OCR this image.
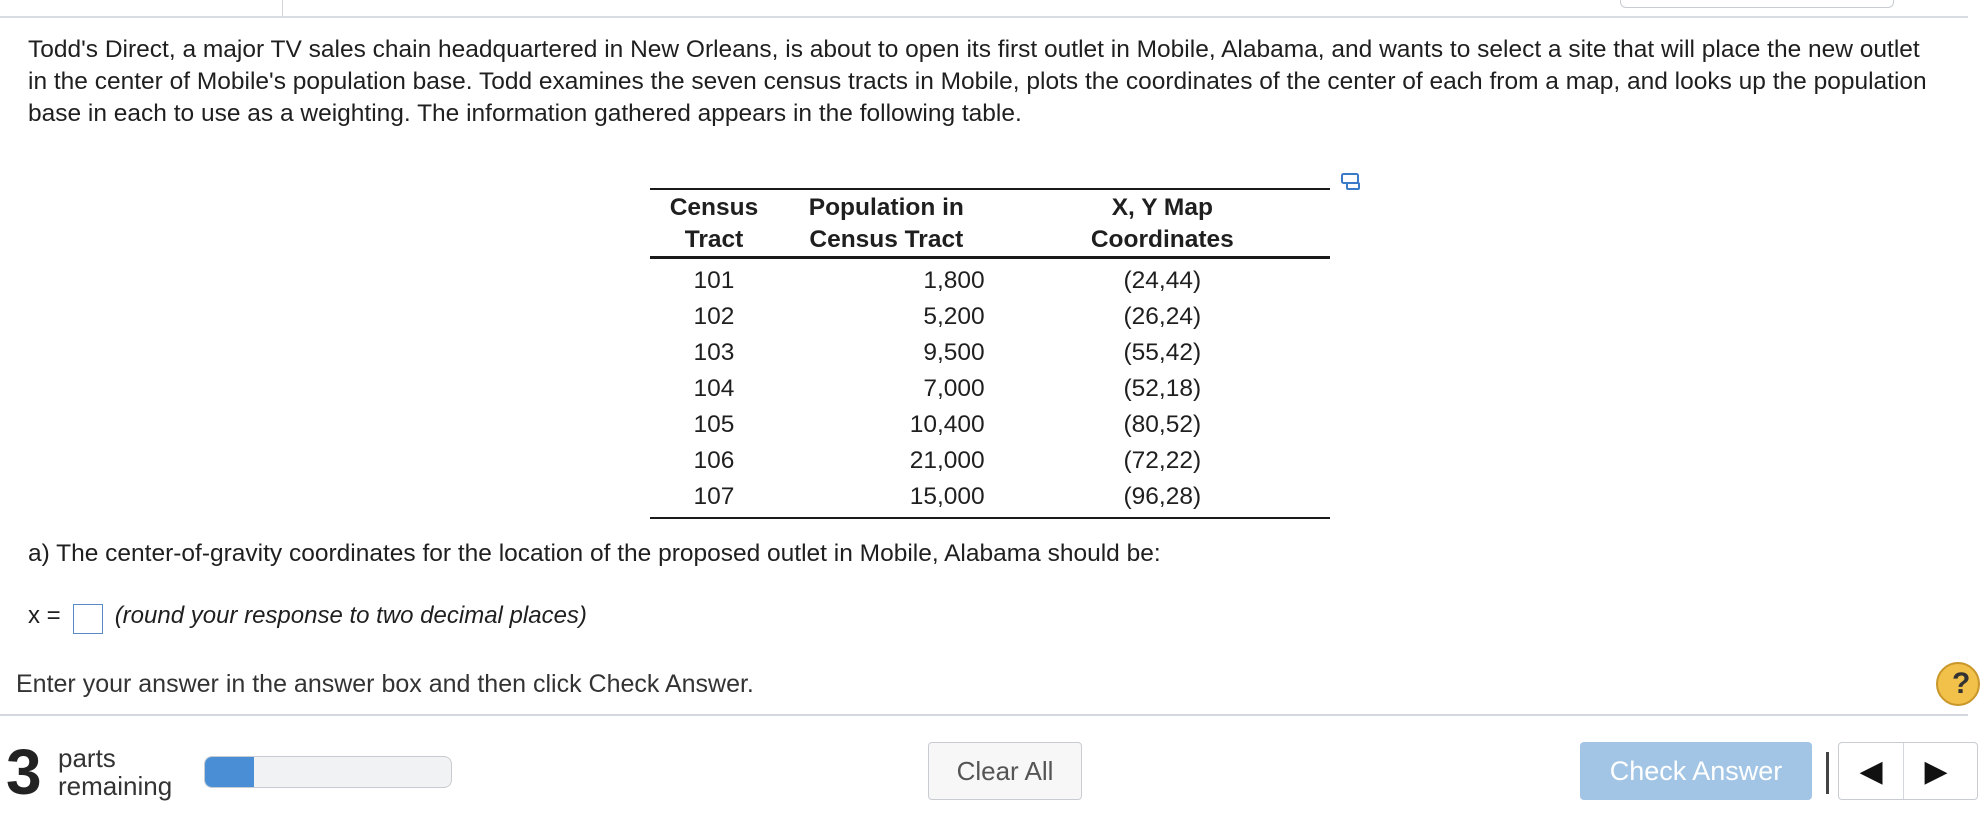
Todd's Direct, a major TV sales chain headquartered in New Orleans, is about to open its first outlet in Mobile, Alabama, and wants to select a site that will place the new outlet in the center of Mobile's population base. Todd examines the seven census tracts in Mobile, plots the coordinates of the center of each from a map, and looks up the population base in each to use as a weighting. The information gathered appears in the following table.

Census Tract	Population in Census Tract	X, Y Map Coordinates
101	1,800	(24,44)
102	5,200	(26,24)
103	9,500	(55,42)
104	7,000	(52,18)
105	10,400	(80,52)
106	21,000	(72,22)
107	15,000	(96,28)

a) The center-of-gravity coordinates for the location of the proposed outlet in Mobile, Alabama should be:

x = (round your response to two decimal places)
Enter your answer in the answer box and then click Check Answer.	?
3 parts
remaining
Clear All	Check Answer	◀	▶
